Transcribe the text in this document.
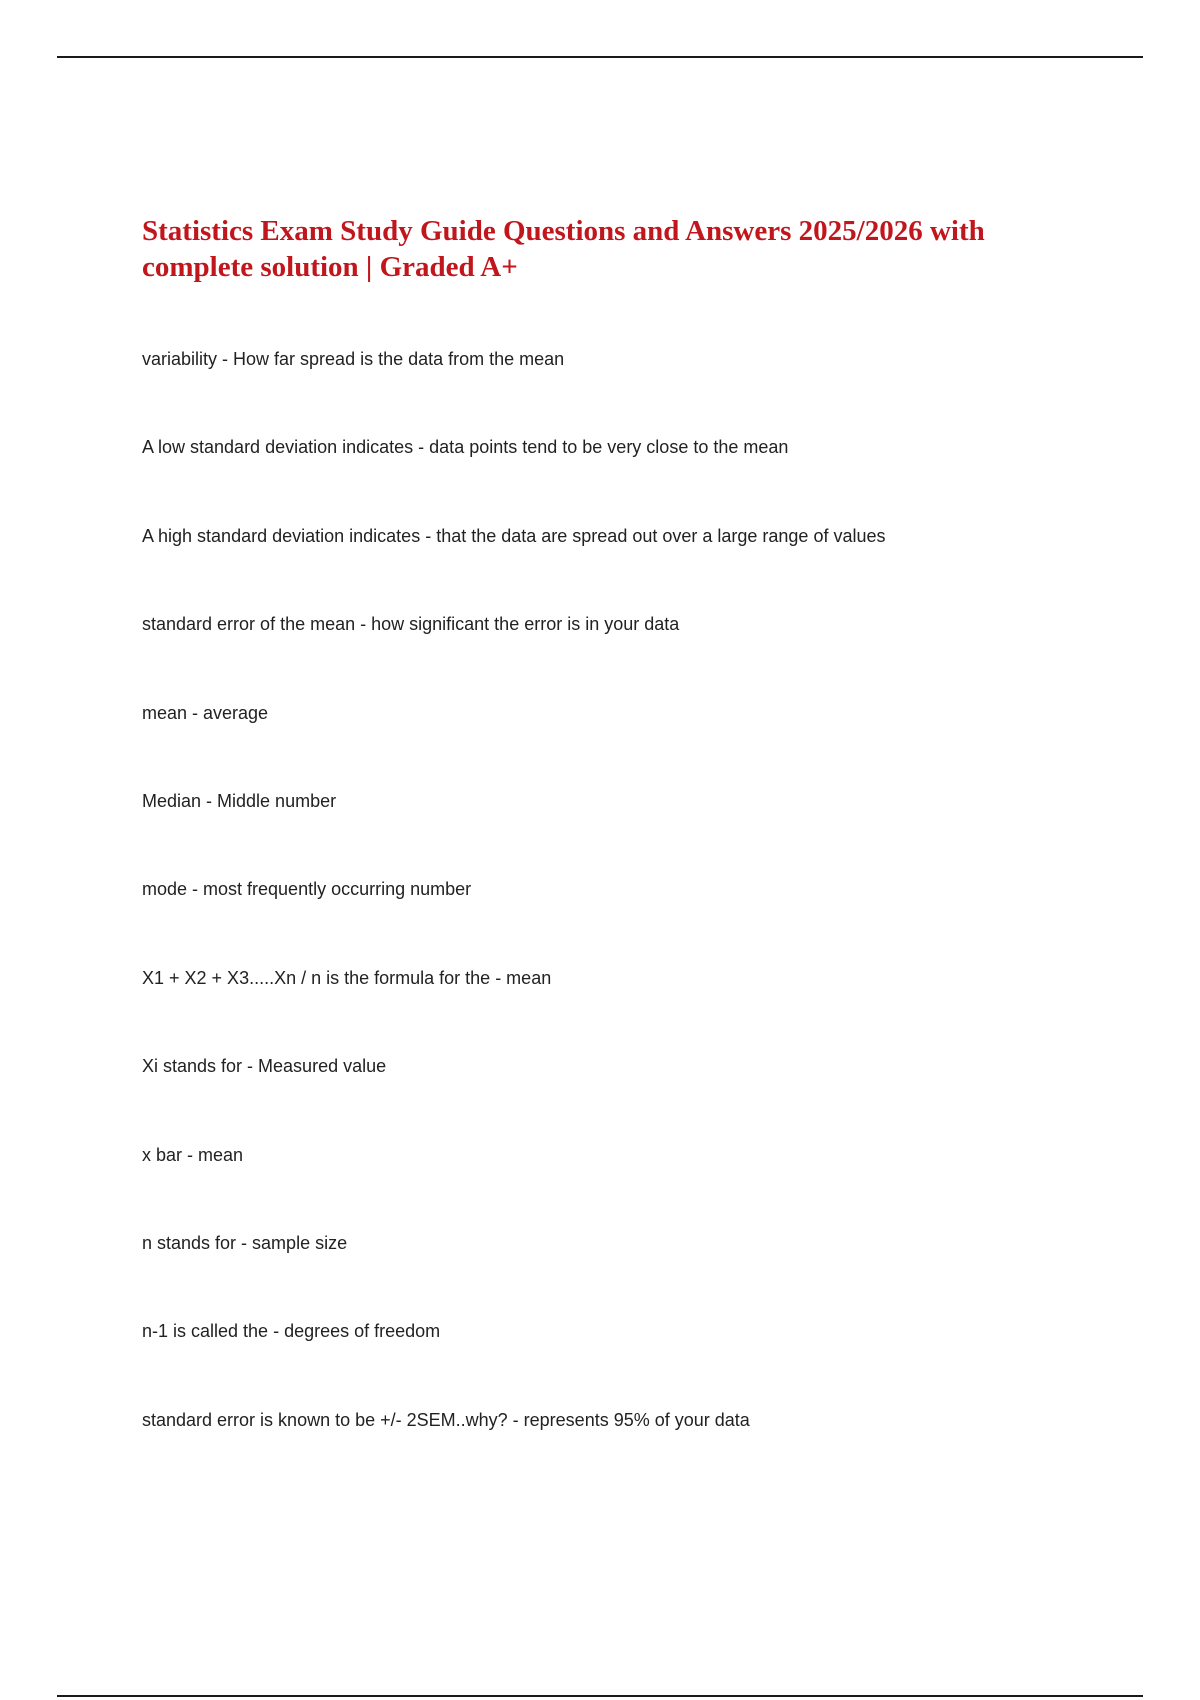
Statistics Exam Study Guide Questions and Answers 2025/2026 with complete solution | Graded A+
variability - How far spread is the data from the mean
A low standard deviation indicates - data points tend to be very close to the mean
A high standard deviation indicates - that the data are spread out over a large range of values
standard error of the mean - how significant the error is in your data
mean - average
Median - Middle number
mode - most frequently occurring number
X1 + X2 + X3.....Xn / n is the formula for the - mean
Xi stands for - Measured value
x bar - mean
n stands for - sample size
n-1 is called the - degrees of freedom
standard error is known to be +/- 2SEM..why? - represents 95% of your data
